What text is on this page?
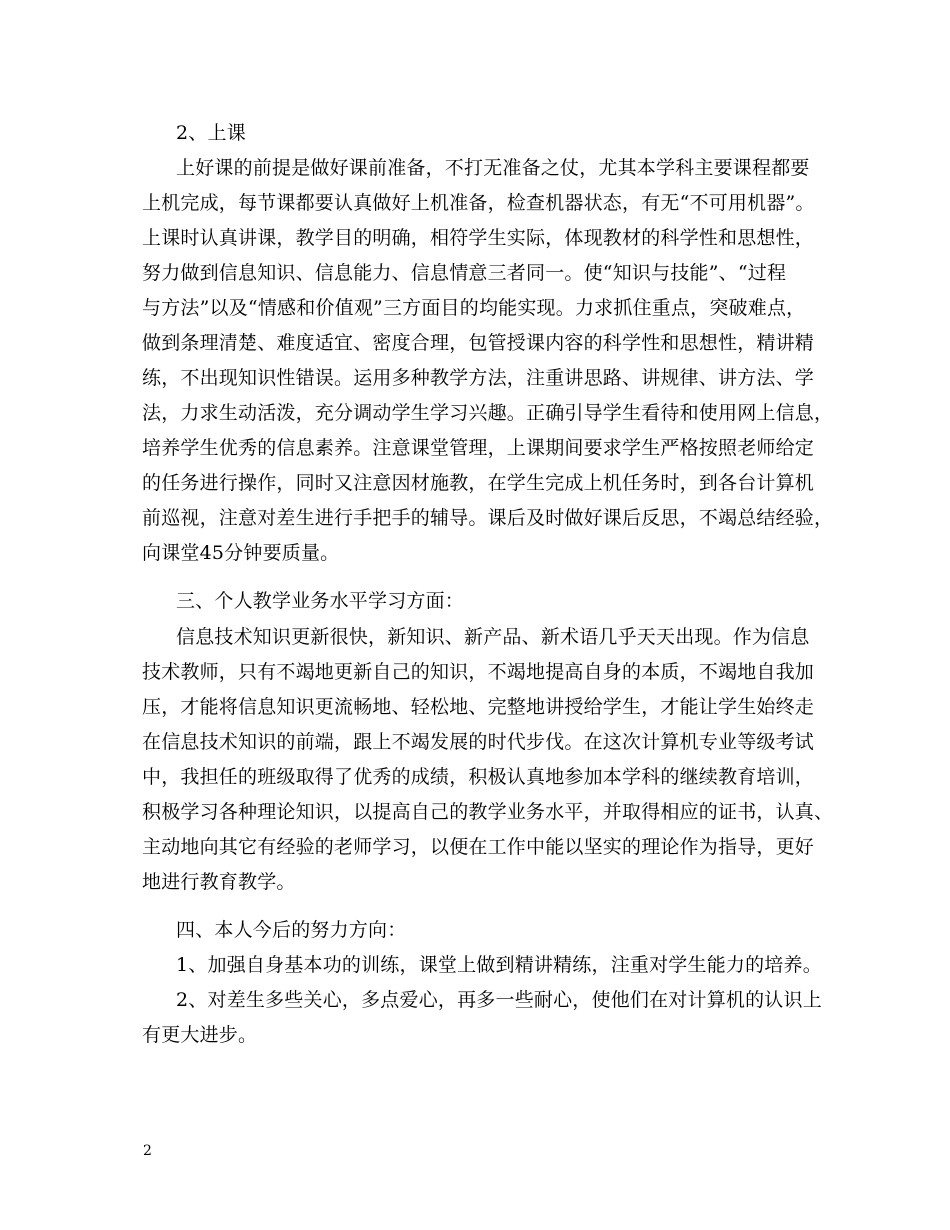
2、上课
上好课的前提是做好课前准备，不打无准备之仗，尤其本学科主要课程都要
上机完成，每节课都要认真做好上机准备，检查机器状态，有无“不可用机器”。
上课时认真讲课，教学目的明确，相符学生实际，体现教材的科学性和思想性，
努力做到信息知识、信息能力、信息情意三者同一。使“知识与技能”、“过程
与方法”以及“情感和价值观”三方面目的均能实现。力求抓住重点，突破难点，
做到条理清楚、难度适宜、密度合理，包管授课内容的科学性和思想性，精讲精
练，不出现知识性错误。运用多种教学方法，注重讲思路、讲规律、讲方法、学
法，力求生动活泼，充分调动学生学习兴趣。正确引导学生看待和使用网上信息，
培养学生优秀的信息素养。注意课堂管理，上课期间要求学生严格按照老师给定
的任务进行操作，同时又注意因材施教，在学生完成上机任务时，到各台计算机
前巡视，注意对差生进行手把手的辅导。课后及时做好课后反思，不竭总结经验，
向课堂45分钟要质量。
三、个人教学业务水平学习方面：
信息技术知识更新很快，新知识、新产品、新术语几乎天天出现。作为信息
技术教师，只有不竭地更新自己的知识，不竭地提高自身的本质，不竭地自我加
压，才能将信息知识更流畅地、轻松地、完整地讲授给学生，才能让学生始终走
在信息技术知识的前端，跟上不竭发展的时代步伐。在这次计算机专业等级考试
中，我担任的班级取得了优秀的成绩，积极认真地参加本学科的继续教育培训，
积极学习各种理论知识，以提高自己的教学业务水平，并取得相应的证书，认真、
主动地向其它有经验的老师学习，以便在工作中能以坚实的理论作为指导，更好
地进行教育教学。
四、本人今后的努力方向：
1、加强自身基本功的训练，课堂上做到精讲精练，注重对学生能力的培养。
2、对差生多些关心，多点爱心，再多一些耐心，使他们在对计算机的认识上
有更大进步。
2
